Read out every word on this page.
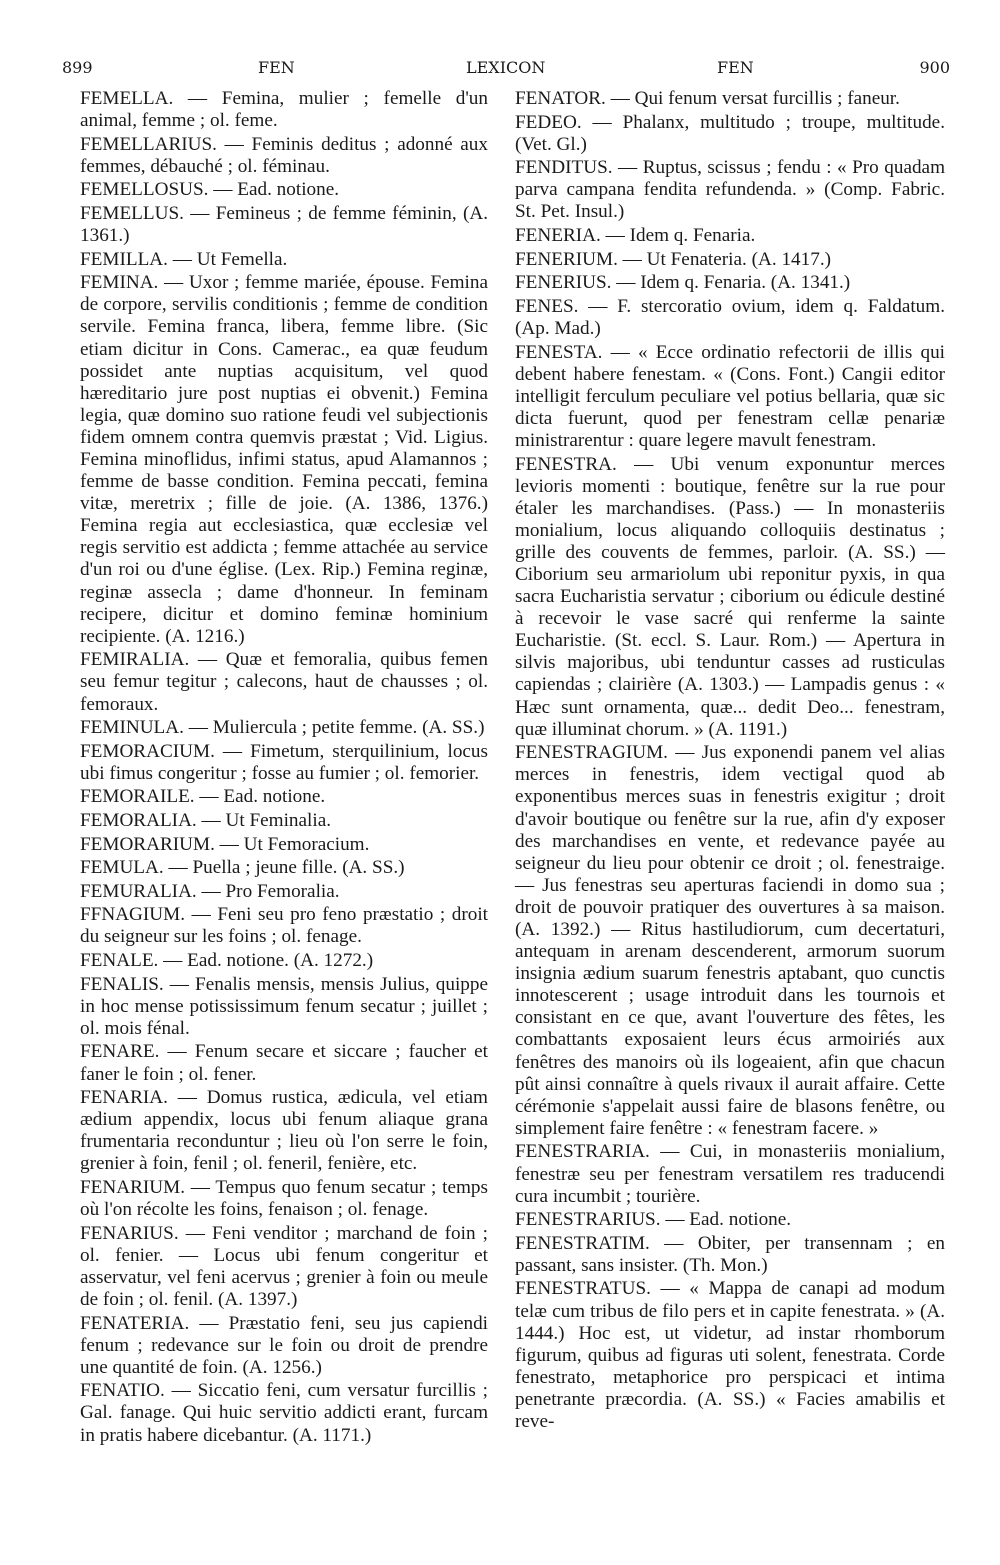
899	FEN	LEXICON	FEN	900

FEMELLA. — Femina, mulier ; femelle d'un animal, femme ; ol. feme.

FEMELLARIUS. — Feminis deditus ; adonné aux femmes, débauché ; ol. féminau.

FEMELLOSUS. — Ead. notione.

FEMELLUS. — Femineus ; de femme féminin, (A. 1361.)

FEMILLA. — Ut Femella.

FEMINA. — Uxor ; femme mariée, épouse. Femina de corpore, servilis conditionis ; femme de condition servile. Femina franca, libera, femme libre. (Sic etiam dicitur in Cons. Camerac., ea quæ feudum possidet ante nuptias acquisitum, vel quod hæreditario jure post nuptias ei obvenit.) Femina legia, quæ domino suo ratione feudi vel subjectionis fidem omnem contra quemvis præstat ; Vid. Ligius. Femina minoflidus, infimi status, apud Alamannos ; femme de basse condition. Femina peccati, femina vitæ, meretrix ; fille de joie. (A. 1386, 1376.) Femina regia aut ecclesiastica, quæ ecclesiæ vel regis servitio est addicta ; femme attachée au service d'un roi ou d'une église. (Lex. Rip.) Femina reginæ, reginæ assecla ; dame d'honneur. In feminam recipere, dicitur et domino feminæ hominium recipiente. (A. 1216.)

FEMIRALIA. — Quæ et femoralia, quibus femen seu femur tegitur ; calecons, haut de chausses ; ol. femoraux.

FEMINULA. — Muliercula ; petite femme. (A. SS.)

FEMORACIUM. — Fimetum, sterquilinium, locus ubi fimus congeritur ; fosse au fumier ; ol. femorier.

FEMORAILE. — Ead. notione.

FEMORALIA. — Ut Feminalia.

FEMORARIUM. — Ut Femoracium.

FEMULA. — Puella ; jeune fille. (A. SS.)

FEMURALIA. — Pro Femoralia.

FFNAGIUM. — Feni seu pro feno præstatio ; droit du seigneur sur les foins ; ol. fenage.

FENALE. — Ead. notione. (A. 1272.)

FENALIS. — Fenalis mensis, mensis Julius, quippe in hoc mense potississimum fenum secatur ; juillet ; ol. mois fénal.

FENARE. — Fenum secare et siccare ; faucher et faner le foin ; ol. fener.

FENARIA. — Domus rustica, ædicula, vel etiam ædium appendix, locus ubi fenum aliaque grana frumentaria reconduntur ; lieu où l'on serre le foin, grenier à foin, fenil ; ol. feneril, fenière, etc.

FENARIUM. — Tempus quo fenum secatur ; temps où l'on récolte les foins, fenaison ; ol. fenage.

FENARIUS. — Feni venditor ; marchand de foin ; ol. fenier. — Locus ubi fenum congeritur et asservatur, vel feni acervus ; grenier à foin ou meule de foin ; ol. fenil. (A. 1397.)

FENATERIA. — Præstatio feni, seu jus capiendi fenum ; redevance sur le foin ou droit de prendre une quantité de foin. (A. 1256.)

FENATIO. — Siccatio feni, cum versatur furcillis ; Gal. fanage. Qui huic servitio addicti erant, furcam in pratis habere dicebantur. (A. 1171.)

FENATOR. — Qui fenum versat furcillis ; faneur.

FEDEO. — Phalanx, multitudo ; troupe, multitude. (Vet. Gl.)

FENDITUS. — Ruptus, scissus ; fendu : « Pro quadam parva campana fendita refundenda. » (Comp. Fabric. St. Pet. Insul.)

FENERIA. — Idem q. Fenaria.

FENERIUM. — Ut Fenateria. (A. 1417.)

FENERIUS. — Idem q. Fenaria. (A. 1341.)

FENES. — F. stercoratio ovium, idem q. Faldatum. (Ap. Mad.)

FENESTA. — « Ecce ordinatio refectorii de illis qui debent habere fenestam. « (Cons. Font.) Cangii editor intelligit ferculum peculiare vel potius bellaria, quæ sic dicta fuerunt, quod per fenestram cellæ penariæ ministrarentur : quare legere mavult fenestram.

FENESTRA. — Ubi venum exponuntur merces levioris momenti : boutique, fenêtre sur la rue pour étaler les marchandises. (Pass.) — In monasteriis monialium, locus aliquando colloquiis destinatus ; grille des couvents de femmes, parloir. (A. SS.) — Ciborium seu armariolum ubi reponitur pyxis, in qua sacra Eucharistia servatur ; ciborium ou édicule destiné à recevoir le vase sacré qui renferme la sainte Eucharistie. (St. eccl. S. Laur. Rom.) — Apertura in silvis majoribus, ubi tenduntur casses ad rusticulas capiendas ; clairière (A. 1303.) — Lampadis genus : « Hæc sunt ornamenta, quæ... dedit Deo... fenestram, quæ illuminat chorum. » (A. 1191.)

FENESTRAGIUM. — Jus exponendi panem vel alias merces in fenestris, idem vectigal quod ab exponentibus merces suas in fenestris exigitur ; droit d'avoir boutique ou fenêtre sur la rue, afin d'y exposer des marchandises en vente, et redevance payée au seigneur du lieu pour obtenir ce droit ; ol. fenestraige. — Jus fenestras seu aperturas faciendi in domo sua ; droit de pouvoir pratiquer des ouvertures à sa maison. (A. 1392.) — Ritus hastiludiorum, cum decertaturi, antequam in arenam descenderent, armorum suorum insignia ædium suarum fenestris aptabant, quo cunctis innotescerent ; usage introduit dans les tournois et consistant en ce que, avant l'ouverture des fêtes, les combattants exposaient leurs écus armoiriés aux fenêtres des manoirs où ils logeaient, afin que chacun pût ainsi connaître à quels rivaux il aurait affaire. Cette cérémonie s'appelait aussi faire de blasons fenêtre, ou simplement faire fenêtre : « fenestram facere. »

FENESTRARIA. — Cui, in monasteriis monialium, fenestræ seu per fenestram versatilem res traducendi cura incumbit ; tourière.

FENESTRARIUS. — Ead. notione.

FENESTRATIM. — Obiter, per transennam ; en passant, sans insister. (Th. Mon.)

FENESTRATUS. — « Mappa de canapi ad modum telæ cum tribus de filo pers et in capite fenestrata. » (A. 1444.) Hoc est, ut videtur, ad instar rhomborum figurum, quibus ad figuras uti solent, fenestrata. Corde fenestrato, metaphorice pro perspicaci et intima penetrante præcordia. (A. SS.) « Facies amabilis et reve-
